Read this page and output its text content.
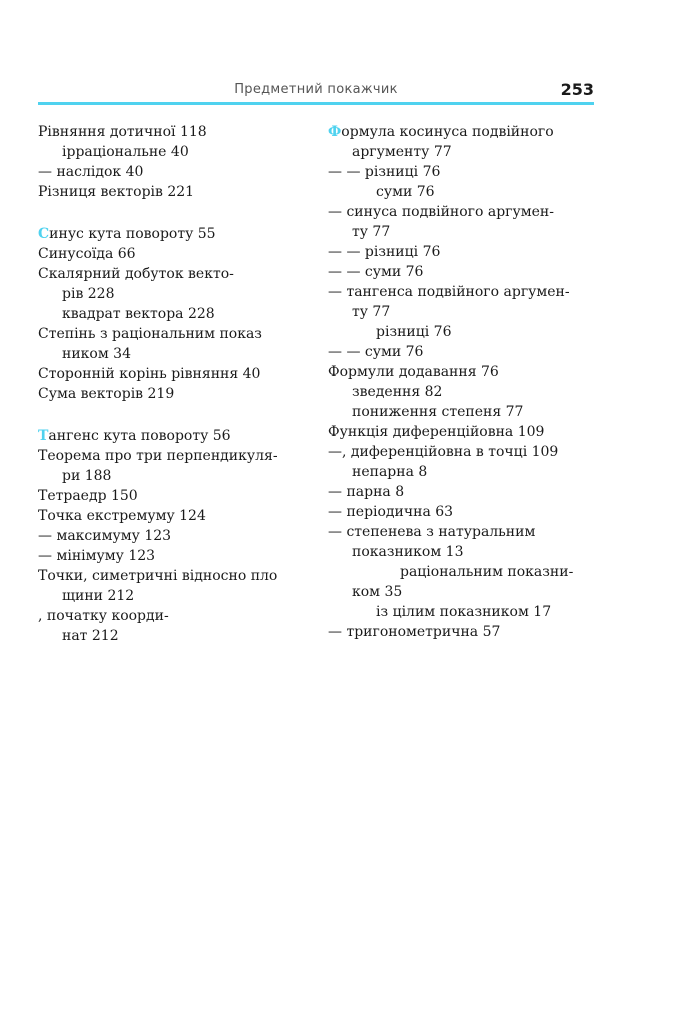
Предметний покажчик	253
Рівняння дотичної 118
ірраціональне 40
— наслідок 40
Різниця векторів 221
Синус кута повороту 55
Синусоїда 66
Скалярний добуток векто-
рів 228
квадрат вектора 228
Степінь з раціональним показ
ником 34
Сторонній корінь рівняння 40
Сума векторів 219
Тангенс кута повороту 56
Теорема про три перпендикуля-
ри 188
Тетраедр 150
Точка екстремуму 124
— максимуму 123
— мінімуму 123
Точки, симетричні відносно пло
щини 212
, початку коорди-
нат 212
Формула косинуса подвійного
аргументу 77
— — різниці 76
суми 76
— синуса подвійного аргумен-
ту 77
— — різниці 76
— — суми 76
— тангенса подвійного аргумен-
ту 77
різниці 76
— — суми 76
Формули додавання 76
зведення 82
пониження степеня 77
Функція диференційовна 109
—, диференційовна в точці 109
непарна 8
— парна 8
— періодична 63
— степенева з натуральним
показником 13
раціональним показни-
ком 35
із цілим показником 17
— тригонометрична 57
